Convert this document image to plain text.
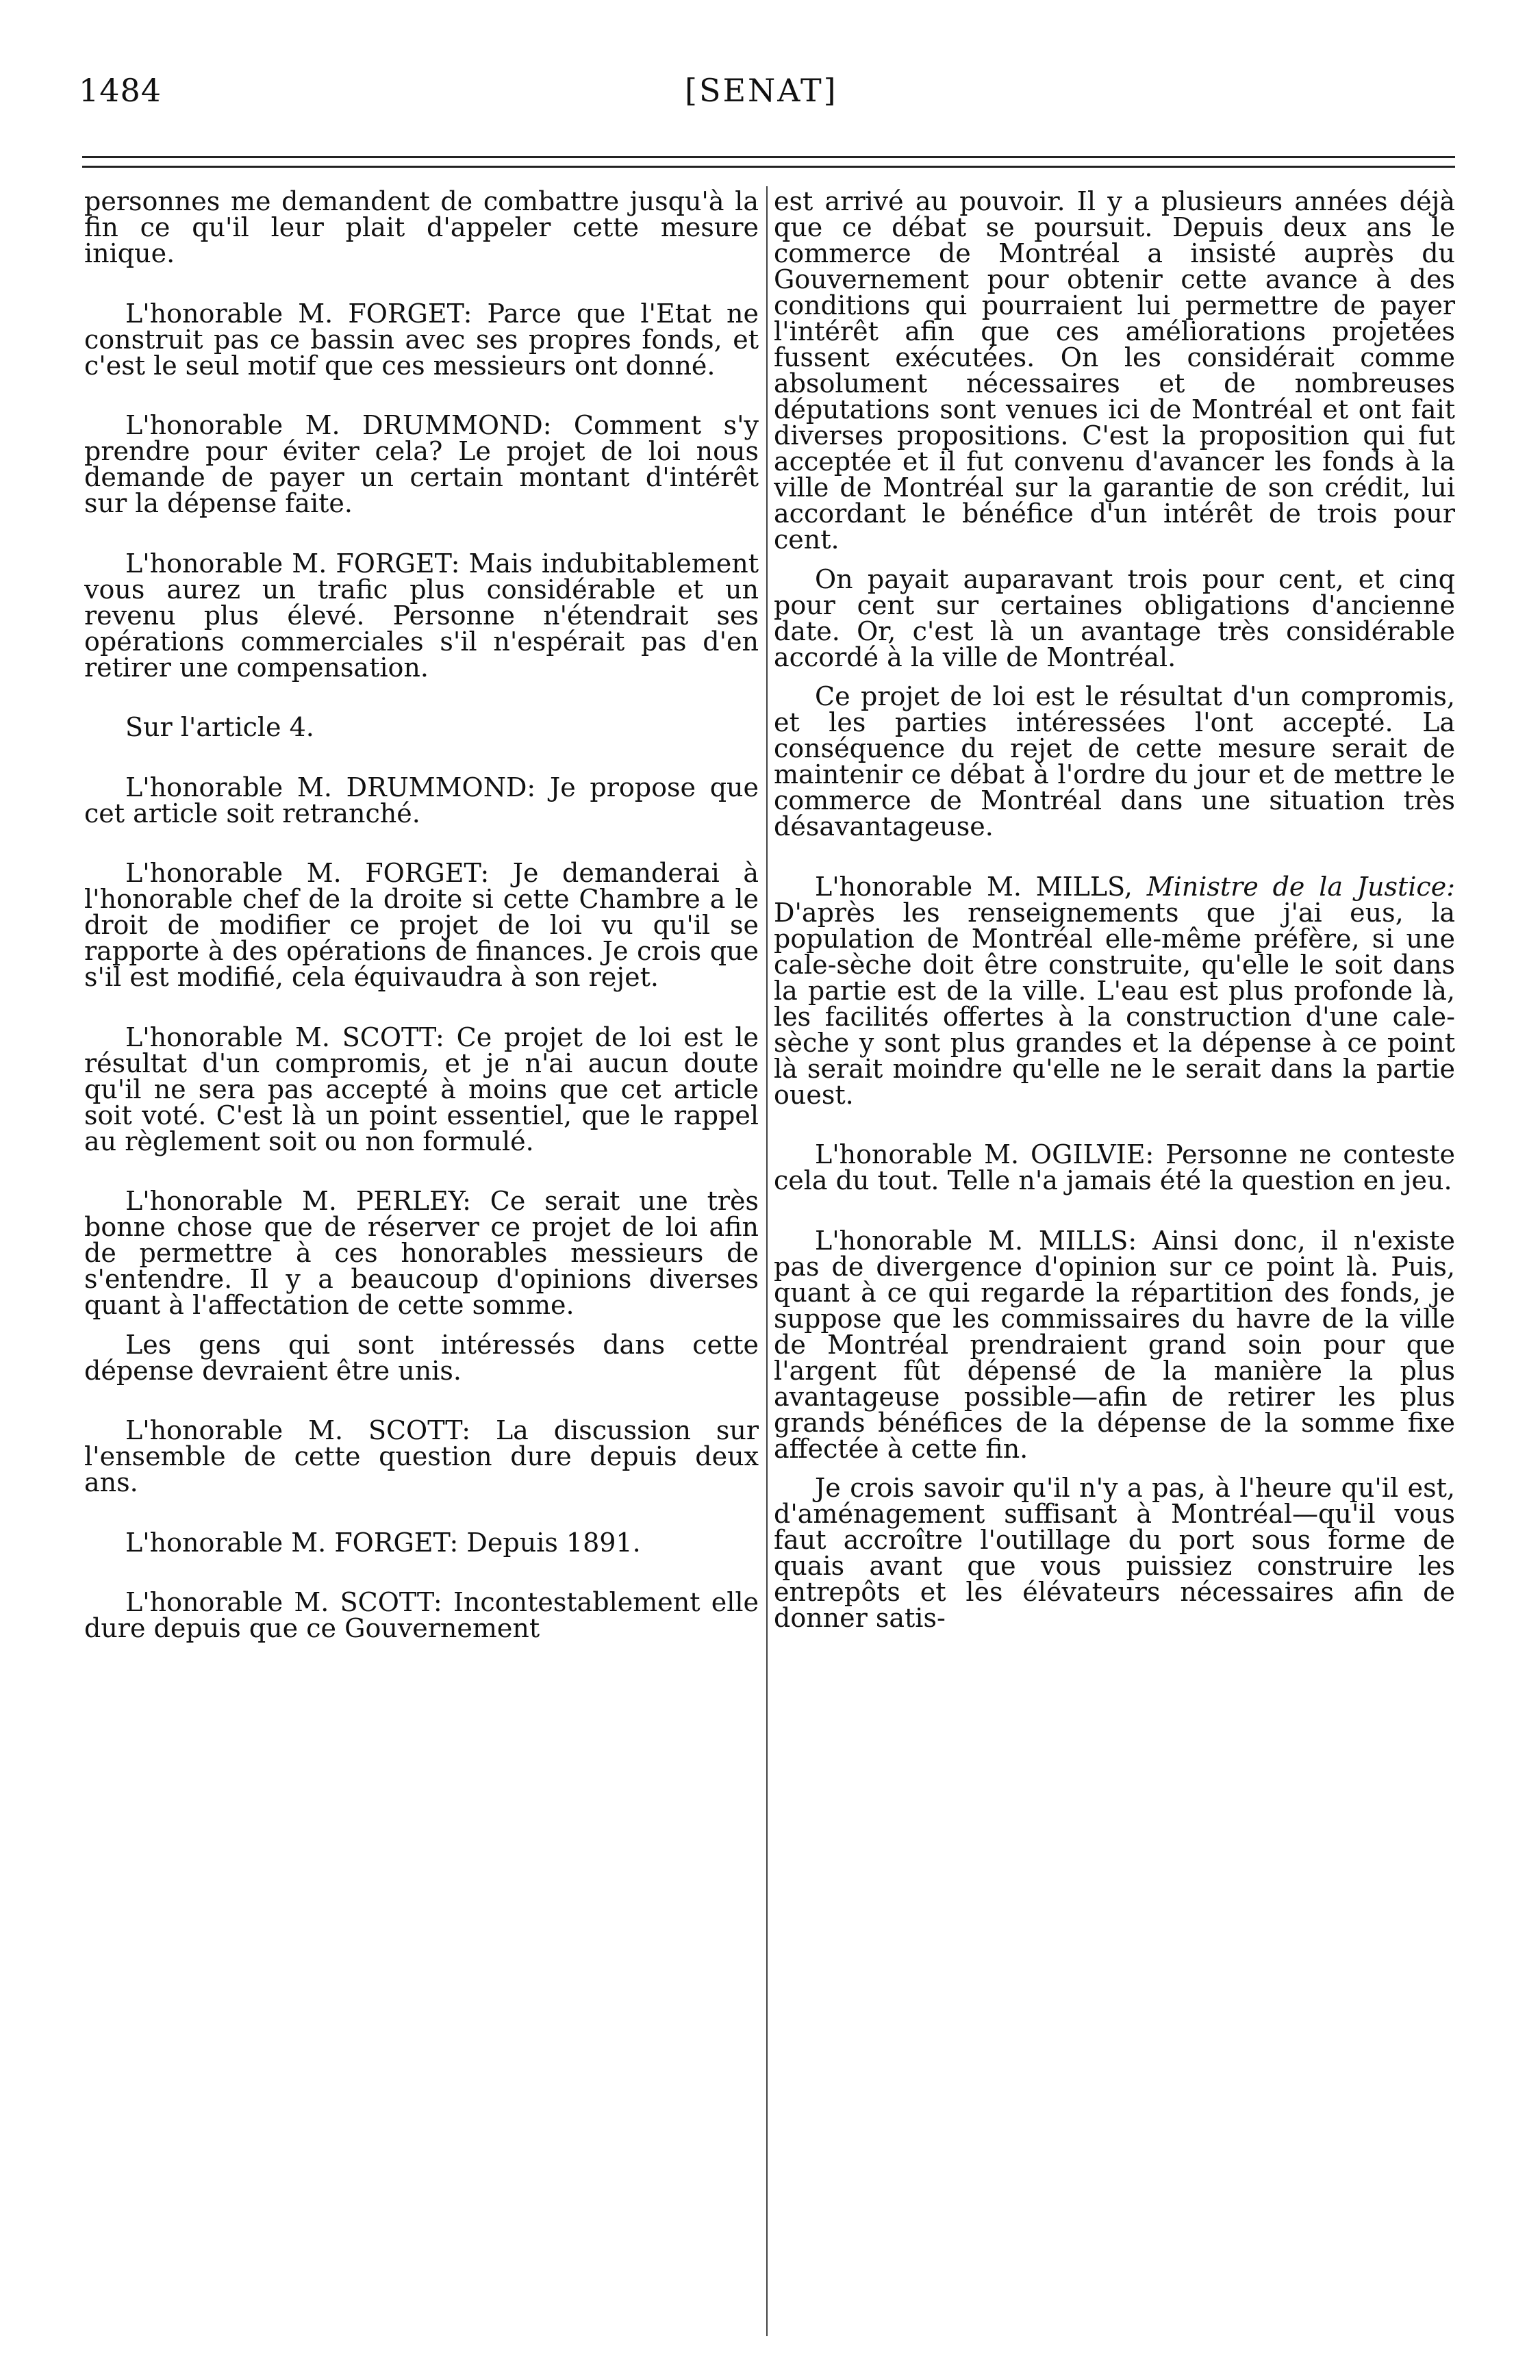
1484	[SENAT]

personnes me demandent de combattre jusqu'à la fin ce qu'il leur plait d'appeler cette mesure inique.

L'honorable M. FORGET: Parce que l'Etat ne construit pas ce bassin avec ses propres fonds, et c'est le seul motif que ces messieurs ont donné.

L'honorable M. DRUMMOND: Comment s'y prendre pour éviter cela? Le projet de loi nous demande de payer un certain montant d'intérêt sur la dépense faite.

L'honorable M. FORGET: Mais indubitablement vous aurez un trafic plus considérable et un revenu plus élevé. Personne n'étendrait ses opérations commerciales s'il n'espérait pas d'en retirer une compensation.

Sur l'article 4.

L'honorable M. DRUMMOND: Je propose que cet article soit retranché.

L'honorable M. FORGET: Je demanderai à l'honorable chef de la droite si cette Chambre a le droit de modifier ce projet de loi vu qu'il se rapporte à des opérations de finances. Je crois que s'il est modifié, cela équivaudra à son rejet.

L'honorable M. SCOTT: Ce projet de loi est le résultat d'un compromis, et je n'ai aucun doute qu'il ne sera pas accepté à moins que cet article soit voté. C'est là un point essentiel, que le rappel au règlement soit ou non formulé.

L'honorable M. PERLEY: Ce serait une très bonne chose que de réserver ce projet de loi afin de permettre à ces honorables messieurs de s'entendre. Il y a beaucoup d'opinions diverses quant à l'affectation de cette somme.

Les gens qui sont intéressés dans cette dépense devraient être unis.

L'honorable M. SCOTT: La discussion sur l'ensemble de cette question dure depuis deux ans.

L'honorable M. FORGET: Depuis 1891.

L'honorable M. SCOTT: Incontestablement elle dure depuis que ce Gouvernement

est arrivé au pouvoir. Il y a plusieurs années déjà que ce débat se poursuit. Depuis deux ans le commerce de Montréal a insisté auprès du Gouvernement pour obtenir cette avance à des conditions qui pourraient lui permettre de payer l'intérêt afin que ces améliorations projetées fussent exécutées. On les considérait comme absolument nécessaires et de nombreuses députations sont venues ici de Montréal et ont fait diverses propositions. C'est la proposition qui fut acceptée et il fut convenu d'avancer les fonds à la ville de Montréal sur la garantie de son crédit, lui accordant le bénéfice d'un intérêt de trois pour cent.

On payait auparavant trois pour cent, et cinq pour cent sur certaines obligations d'ancienne date. Or, c'est là un avantage très considérable accordé à la ville de Montréal.

Ce projet de loi est le résultat d'un compromis, et les parties intéressées l'ont accepté. La conséquence du rejet de cette mesure serait de maintenir ce débat à l'ordre du jour et de mettre le commerce de Montréal dans une situation très désavantageuse.

L'honorable M. MILLS, Ministre de la Justice: D'après les renseignements que j'ai eus, la population de Montréal elle-même préfère, si une cale-sèche doit être construite, qu'elle le soit dans la partie est de la ville. L'eau est plus profonde là, les facilités offertes à la construction d'une cale-sèche y sont plus grandes et la dépense à ce point là serait moindre qu'elle ne le serait dans la partie ouest.

L'honorable M. OGILVIE: Personne ne conteste cela du tout. Telle n'a jamais été la question en jeu.

L'honorable M. MILLS: Ainsi donc, il n'existe pas de divergence d'opinion sur ce point là. Puis, quant à ce qui regarde la répartition des fonds, je suppose que les commissaires du havre de la ville de Montréal prendraient grand soin pour que l'argent fût dépensé de la manière la plus avantageuse possible—afin de retirer les plus grands bénéfices de la dépense de la somme fixe affectée à cette fin.

Je crois savoir qu'il n'y a pas, à l'heure qu'il est, d'aménagement suffisant à Montréal—qu'il vous faut accroître l'outillage du port sous forme de quais avant que vous puissiez construire les entrepôts et les élévateurs nécessaires afin de donner satis-
